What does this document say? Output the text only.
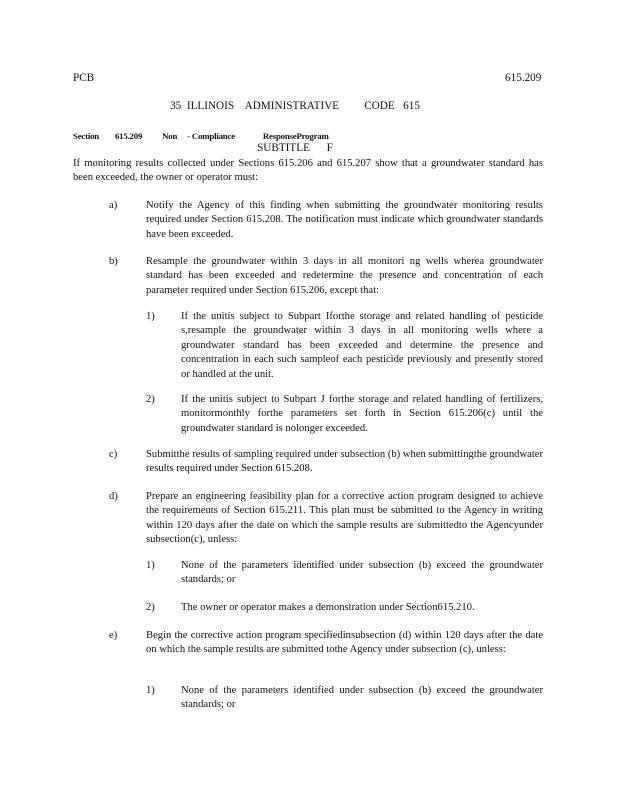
PCB

35  ILLINOIS    ADMINISTRATIVE         CODE   615

SUBTITLE      F

615.209
Section        615.209          Non     - Compliance              ResponseProgram

If monitoring results collected under Sections 615.206 and 615.207 show that a groundwater standard has been exceeded, the owner or operator must:

a)	Notify the Agency of this finding when submitting the groundwater monitoring results required under Section 615.208. The notification must indicate which groundwater standards have been exceeded.

b)	Resample the groundwater within 3 days in all monitori ng wells wherea groundwater standard has been exceeded and redetermine the presence and concentration of each parameter required under Section 615.206, except that:

1) If the unitis subject to Subpart Iforthe storage and related handling of pesticide s,resample the groundwater within 3 days in all monitoring wells where a groundwater standard has been exceeded and determine the presence and concentration in each such sampleof each pesticide previously and presently stored or handled at the unit.

2) If the unitis subject to Subpart J forthe storage and related handling of fertilizers, monitormonthly forthe parameters set forth in Section 615.206(c) until the groundwater standard is nolonger exceeded.

c)	Submitthe results of sampling required under subsection (b) when submittingthe groundwater results required under Section 615.208.

d)	Prepare an engineering feasibility plan for a corrective action program designed to achieve the requirements of Section 615.211. This plan must be submitted to the Agency in writing within 120 days after the date on which the sample results are submittedto the Agencyunder subsection(c), unless:

1) None of the parameters identified under subsection (b) exceed the groundwater standards; or

2) The owner or operator makes a demonstration under Section615.210.

e)	Begin the corrective action program specifiedinsubsection (d) within 120 days after the date on which the sample results are submitted tothe Agency under subsection (c), unless:

1) None of the parameters identified under subsection (b) exceed the groundwater standards; or
